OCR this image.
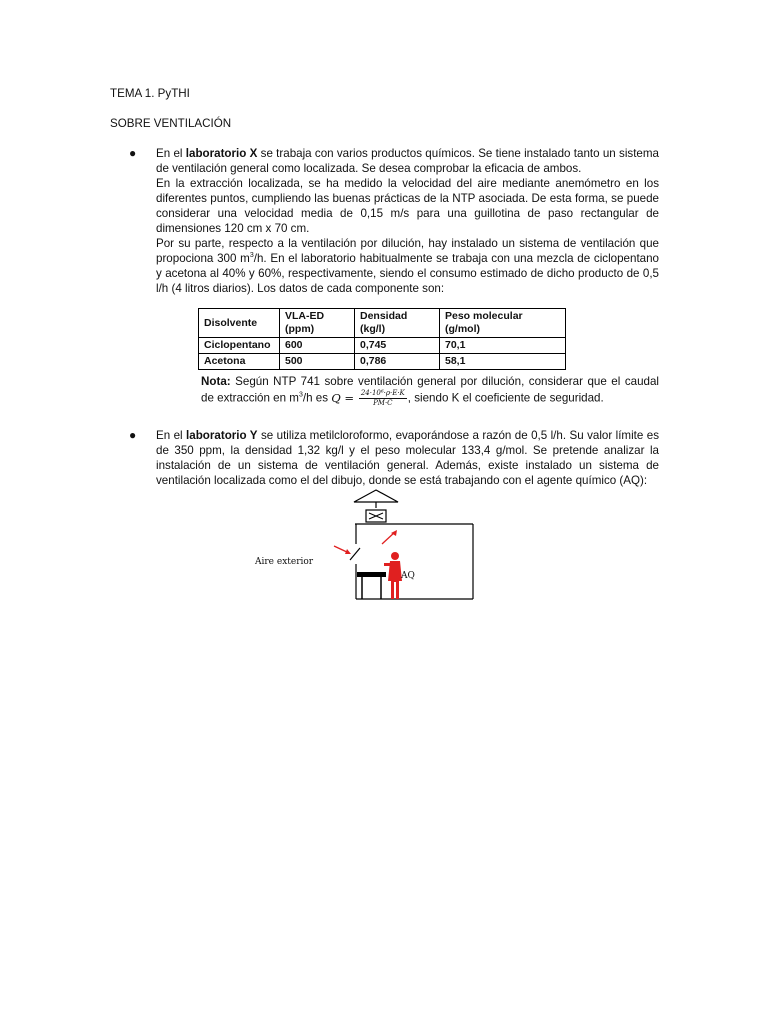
TEMA 1. PyTHI
SOBRE VENTILACIÓN
● En el laboratorio X se trabaja con varios productos químicos. Se tiene instalado tanto un sistema de ventilación general como localizada. Se desea comprobar la eficacia de ambos.

En la extracción localizada, se ha medido la velocidad del aire mediante anemómetro en los diferentes puntos, cumpliendo las buenas prácticas de la NTP asociada. De esta forma, se puede considerar una velocidad media de 0,15 m/s para una guillotina de paso rectangular de dimensiones 120 cm x 70 cm.

Por su parte, respecto a la ventilación por dilución, hay instalado un sistema de ventilación que propociona 300 $m^3/h$. En el laboratorio habitualmente se trabaja con una mezcla de ciclopentano y acetona al 40% y 60%, respectivamente, siendo el consumo estimado de dicho producto de 0,5 l/h (4 litros diarios). Los datos de cada componente son:

Disolvente	VLA-ED (ppm)	Densidad (kg/l)	Peso molecular (g/mol)
Ciclopentano	600	0,745	70,1
Acetona	500	0,786	58,1

Nota: Según NTP 741 sobre ventilación general por dilución, considerar que el caudal de extracción en $m^3/h$ es $Q = \frac{\text{24·10⁶·ρ·E·K}}{PM\cdot C}$ , siendo K el coeficiente de seguridad.

● En el laboratorio Y se utiliza metilcloroformo, evaporándose a razón de 0,5 l/h. Su valor límite es de 350 ppm, la densidad 1,32 kg/l y el peso molecular 133,4 g/mol. Se pretende analizar la instalación de un sistema de ventilación general. Además, existe instalado un sistema de ventilación localizada como el del dibujo, donde se está trabajando con el agente químico (AQ):

Aire exterior
AQ
